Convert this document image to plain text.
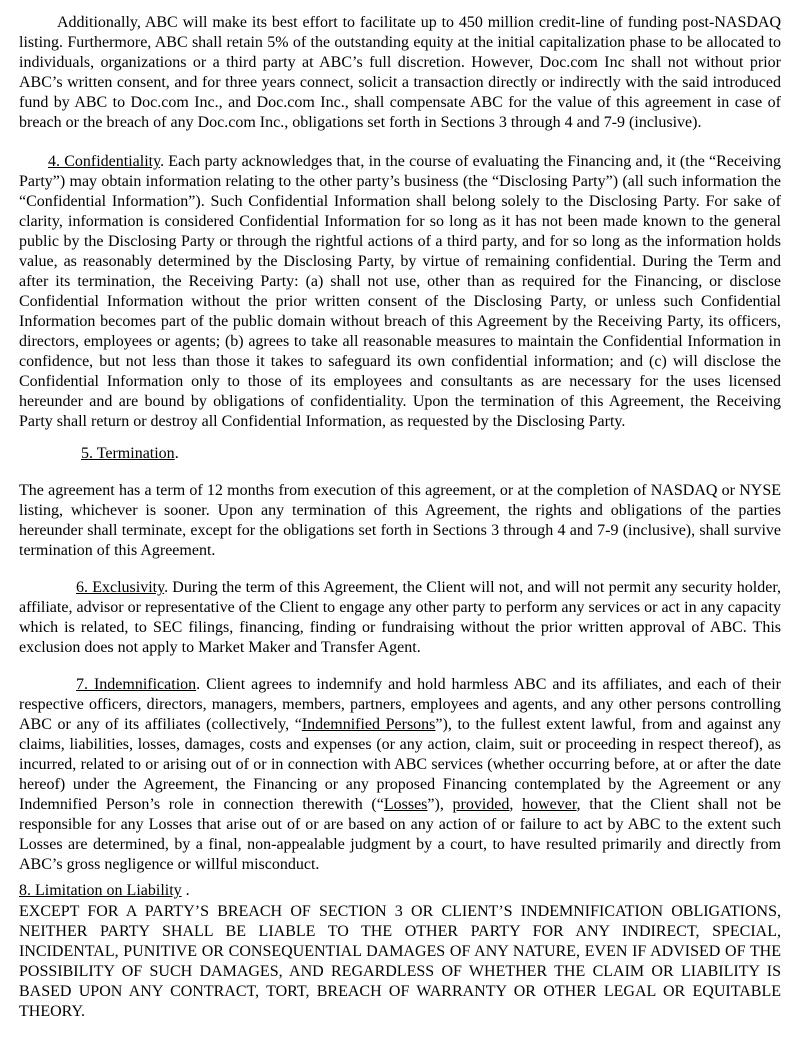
Additionally, ABC will make its best effort to facilitate up to 450 million credit-line of funding post-NASDAQ listing. Furthermore, ABC shall retain 5% of the outstanding equity at the initial capitalization phase to be allocated to individuals, organizations or a third party at ABC’s full discretion. However, Doc.com Inc shall not without prior ABC’s written consent, and for three years connect, solicit a transaction directly or indirectly with the said introduced fund by ABC to Doc.com Inc., and Doc.com Inc., shall compensate ABC for the value of this agreement in case of breach or the breach of any Doc.com Inc., obligations set forth in Sections 3 through 4 and 7-9 (inclusive).

4. Confidentiality. Each party acknowledges that, in the course of evaluating the Financing and, it (the “Receiving Party”) may obtain information relating to the other party’s business (the “Disclosing Party”) (all such information the “Confidential Information”). Such Confidential Information shall belong solely to the Disclosing Party. For sake of clarity, information is considered Confidential Information for so long as it has not been made known to the general public by the Disclosing Party or through the rightful actions of a third party, and for so long as the information holds value, as reasonably determined by the Disclosing Party, by virtue of remaining confidential. During the Term and after its termination, the Receiving Party: (a) shall not use, other than as required for the Financing, or disclose Confidential Information without the prior written consent of the Disclosing Party, or unless such Confidential Information becomes part of the public domain without breach of this Agreement by the Receiving Party, its officers, directors, employees or agents; (b) agrees to take all reasonable measures to maintain the Confidential Information in confidence, but not less than those it takes to safeguard its own confidential information; and (c) will disclose the Confidential Information only to those of its employees and consultants as are necessary for the uses licensed hereunder and are bound by obligations of confidentiality. Upon the termination of this Agreement, the Receiving Party shall return or destroy all Confidential Information, as requested by the Disclosing Party.

5. Termination.

The agreement has a term of 12 months from execution of this agreement, or at the completion of NASDAQ or NYSE listing, whichever is sooner. Upon any termination of this Agreement, the rights and obligations of the parties hereunder shall terminate, except for the obligations set forth in Sections 3 through 4 and 7-9 (inclusive), shall survive termination of this Agreement.

6. Exclusivity. During the term of this Agreement, the Client will not, and will not permit any security holder, affiliate, advisor or representative of the Client to engage any other party to perform any services or act in any capacity which is related, to SEC filings, financing, finding or fundraising without the prior written approval of ABC. This exclusion does not apply to Market Maker and Transfer Agent.

7. Indemnification. Client agrees to indemnify and hold harmless ABC and its affiliates, and each of their respective officers, directors, managers, members, partners, employees and agents, and any other persons controlling ABC or any of its affiliates (collectively, “Indemnified Persons”), to the fullest extent lawful, from and against any claims, liabilities, losses, damages, costs and expenses (or any action, claim, suit or proceeding in respect thereof), as incurred, related to or arising out of or in connection with ABC services (whether occurring before, at or after the date hereof) under the Agreement, the Financing or any proposed Financing contemplated by the Agreement or any Indemnified Person’s role in connection therewith (“Losses”), provided, however, that the Client shall not be responsible for any Losses that arise out of or are based on any action of or failure to act by ABC to the extent such Losses are determined, by a final, non-appealable judgment by a court, to have resulted primarily and directly from ABC’s gross negligence or willful misconduct.

8. Limitation on Liability .

EXCEPT FOR A PARTY’S BREACH OF SECTION 3 OR CLIENT’S INDEMNIFICATION OBLIGATIONS, NEITHER PARTY SHALL BE LIABLE TO THE OTHER PARTY FOR ANY INDIRECT, SPECIAL, INCIDENTAL, PUNITIVE OR CONSEQUENTIAL DAMAGES OF ANY NATURE, EVEN IF ADVISED OF THE POSSIBILITY OF SUCH DAMAGES, AND REGARDLESS OF WHETHER THE CLAIM OR LIABILITY IS BASED UPON ANY CONTRACT, TORT, BREACH OF WARRANTY OR OTHER LEGAL OR EQUITABLE THEORY.
